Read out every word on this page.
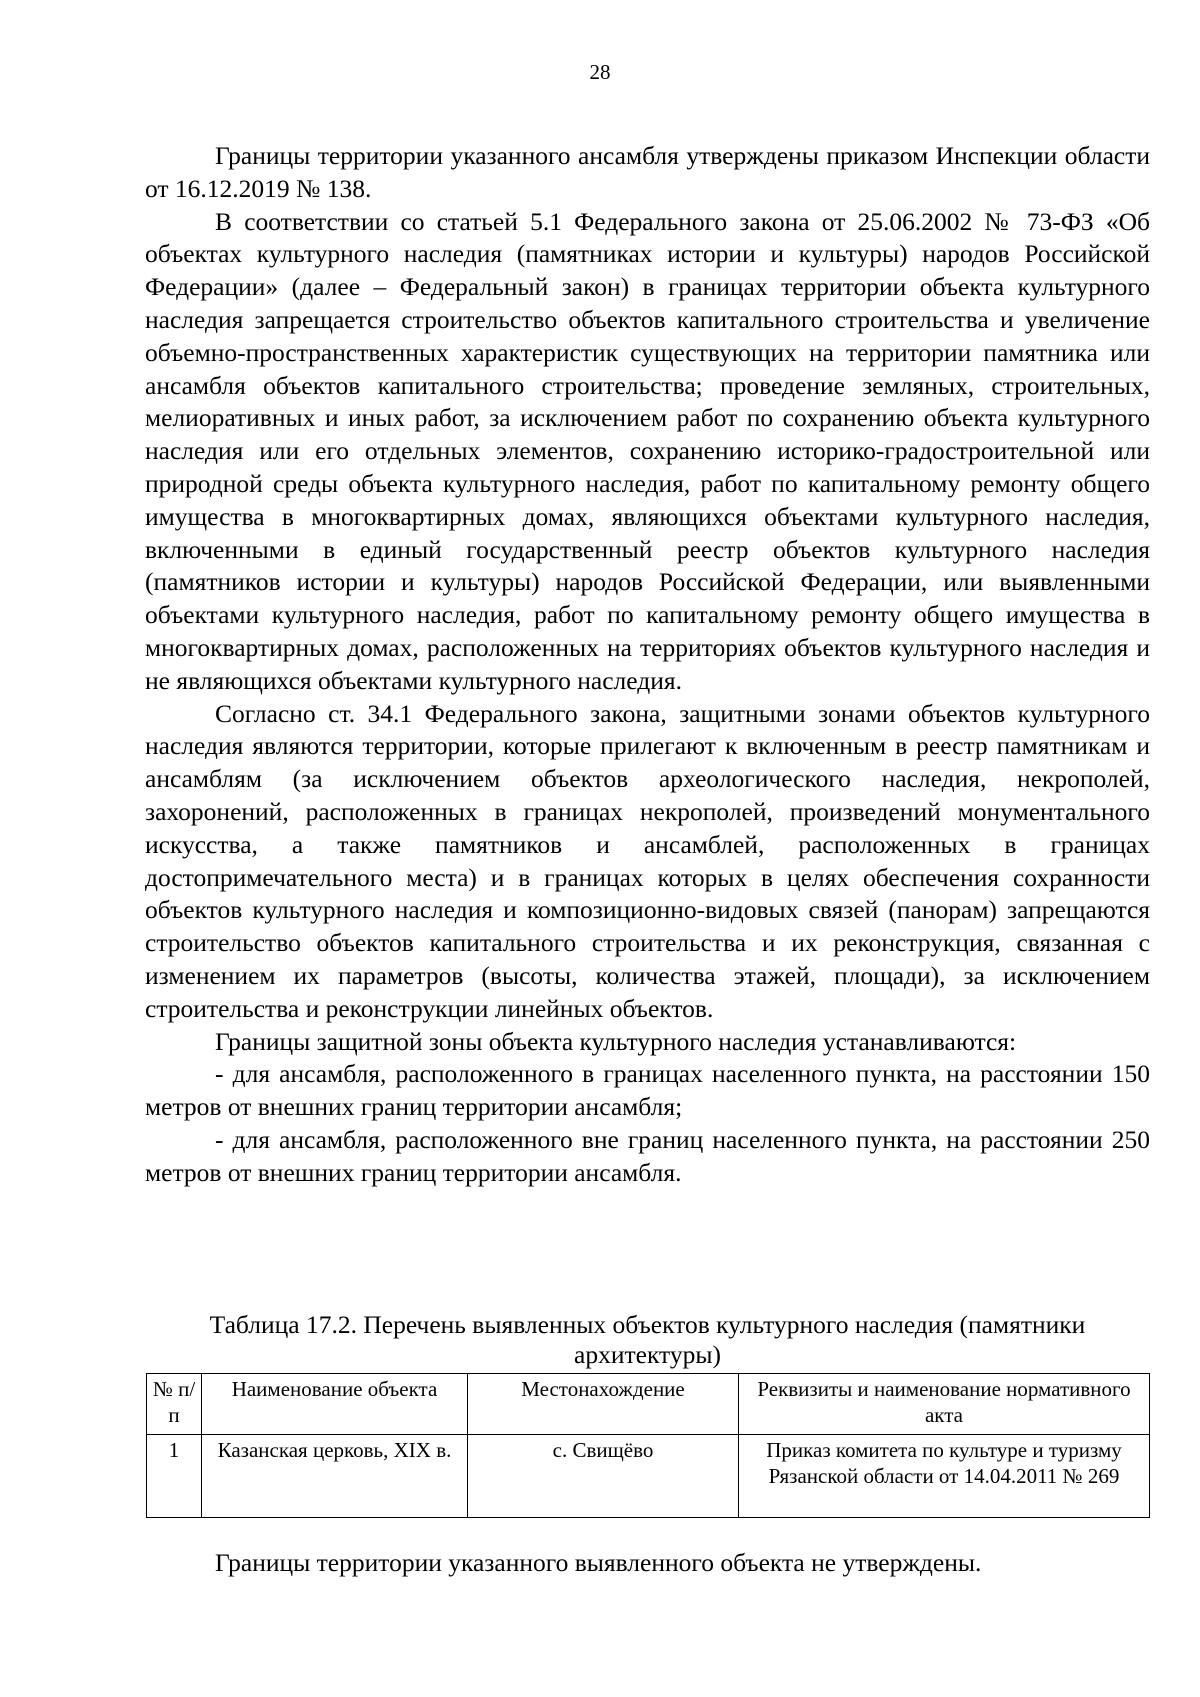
28

Границы территории указанного ансамбля утверждены приказом Инспекции области от 16.12.2019 № 138.

В соответствии со статьей 5.1 Федерального закона от 25.06.2002 № 73-ФЗ «Об объектах культурного наследия (памятниках истории и культуры) народов Российской Федерации» (далее – Федеральный закон) в границах территории объекта культурного наследия запрещается строительство объектов капитального строительства и увеличение объемно-пространственных характеристик существующих на территории памятника или ансамбля объектов капитального строительства; проведение земляных, строительных, мелиоративных и иных работ, за исключением работ по сохранению объекта культурного наследия или его отдельных элементов, сохранению историко-градостроительной или природной среды объекта культурного наследия, работ по капитальному ремонту общего имущества в многоквартирных домах, являющихся объектами культурного наследия, включенными в единый государственный реестр объектов культурного наследия (памятников истории и культуры) народов Российской Федерации, или выявленными объектами культурного наследия, работ по капитальному ремонту общего имущества в многоквартирных домах, расположенных на территориях объектов культурного наследия и не являющихся объектами культурного наследия.

Согласно ст. 34.1 Федерального закона, защитными зонами объектов культурного наследия являются территории, которые прилегают к включенным в реестр памятникам и ансамблям (за исключением объектов археологического наследия, некрополей, захоронений, расположенных в границах некрополей, произведений монументального искусства, а также памятников и ансамблей, расположенных в границах достопримечательного места) и в границах которых в целях обеспечения сохранности объектов культурного наследия и композиционно-видовых связей (панорам) запрещаются строительство объектов капитального строительства и их реконструкция, связанная с изменением их параметров (высоты, количества этажей, площади), за исключением строительства и реконструкции линейных объектов.

Границы защитной зоны объекта культурного наследия устанавливаются:

- для ансамбля, расположенного в границах населенного пункта, на расстоянии 150 метров от внешних границ территории ансамбля;

- для ансамбля, расположенного вне границ населенного пункта, на расстоянии 250 метров от внешних границ территории ансамбля.

Таблица 17.2. Перечень выявленных объектов культурного наследия (памятники архитектуры)
№ п/п	Наименование объекта	Местонахождение	Реквизиты и наименование нормативного акта
1	Казанская церковь, XIX в.	с. Свищёво	Приказ комитета по культуре и туризму Рязанской области от 14.04.2011 № 269

Границы территории указанного выявленного объекта не утверждены.
